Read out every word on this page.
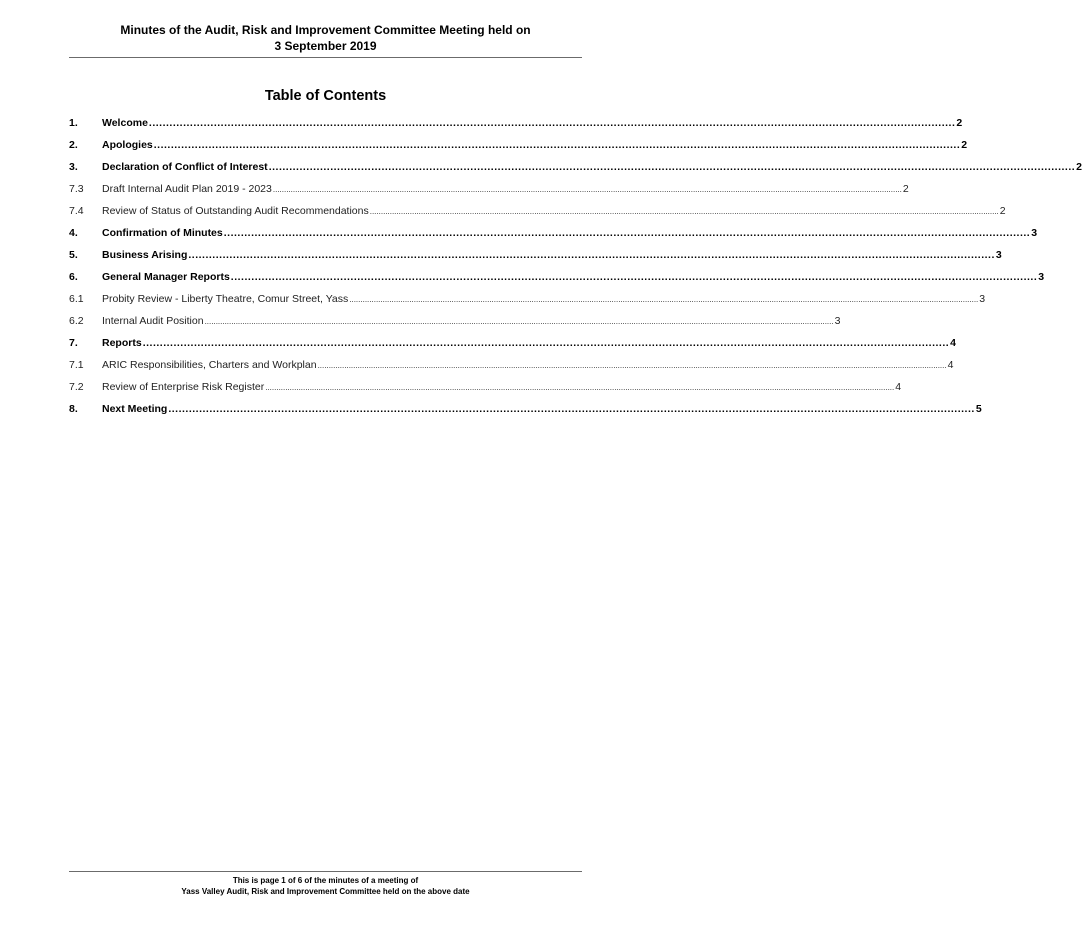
Minutes of the Audit, Risk and Improvement Committee Meeting held on
3 September 2019
Table of Contents
1.	Welcome .....	2
2.	Apologies .....	2
3.	Declaration of Conflict of Interest .....	2
7.3	Draft Internal Audit Plan 2019 - 2023 .....	2
7.4	Review of Status of Outstanding Audit Recommendations .....	2
4.	Confirmation of Minutes .....	3
5.	Business Arising .....	3
6.	General Manager Reports .....	3
6.1	Probity Review - Liberty Theatre, Comur Street, Yass .....	3
6.2	Internal Audit Position .....	3
7.	Reports .....	4
7.1	ARIC Responsibilities, Charters and Workplan .....	4
7.2	Review of Enterprise Risk Register .....	4
8.	Next Meeting .....	5
This is page 1 of 6 of the minutes of a meeting of
Yass Valley Audit, Risk and Improvement Committee held on the above date
